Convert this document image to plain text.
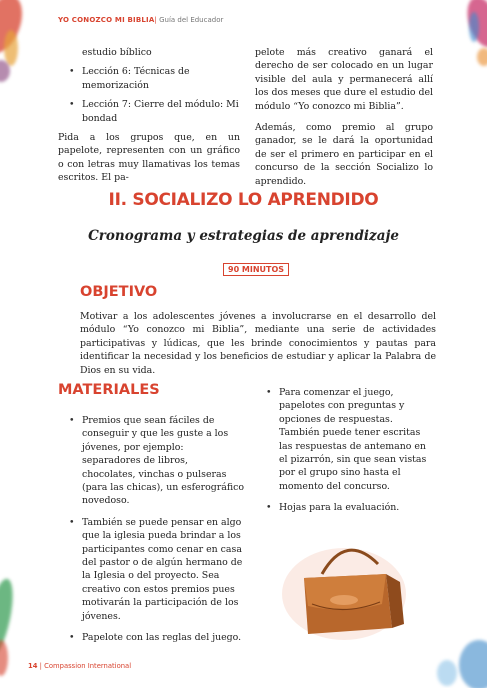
YO CONOZCO MI BIBLIA| Guía del Educador

estudio bíblico

• Lección 6: Técnicas de memorización
• Lección 7: Cierre del módulo: Mi bondad

Pida a los grupos que, en un papelote, representen con un gráfico o con letras muy llamativas los temas escritos. El pa-

pelote más creativo ganará el derecho de ser colocado en un lugar visible del aula y permanecerá allí los dos meses que dure el estudio del módulo “Yo conozco mi Biblia”.

Además, como premio al grupo ganador, se le dará la oportunidad de ser el primero en participar en el concurso de la sección Socializo lo aprendido.

II. SOCIALIZO LO APRENDIDO
Cronograma y estrategias de aprendizaje
90 MINUTOS
OBJETIVO
Motivar a los adolescentes jóvenes a involucrarse en el desarrollo del módulo “Yo conozco mi Biblia”, mediante una serie de actividades participativas y lúdicas, que les brinde conocimientos y pautas para identificar la necesidad y los beneficios de estudiar y aplicar la Palabra de Dios en su vida.
MATERIALES
• Premios que sean fáciles de conseguir y que les guste a los jóvenes, por ejemplo: separadores de libros, chocolates, vinchas o pulseras (para las chicas), un esferográfico novedoso.
• También se puede pensar en algo que la iglesia pueda brindar a los participantes como cenar en casa del pastor o de algún hermano de la Iglesia o del proyecto. Sea creativo con estos premios pues motivarán la participación de los jóvenes.
• Papelote con las reglas del juego.
• Para comenzar el juego, papelotes con preguntas y opciones de respuestas. También puede tener escritas las respuestas de antemano en el pizarrón, sin que sean vistas por el grupo sino hasta el momento del concurso.
• Hojas para la evaluación.
14 | Compassion International
